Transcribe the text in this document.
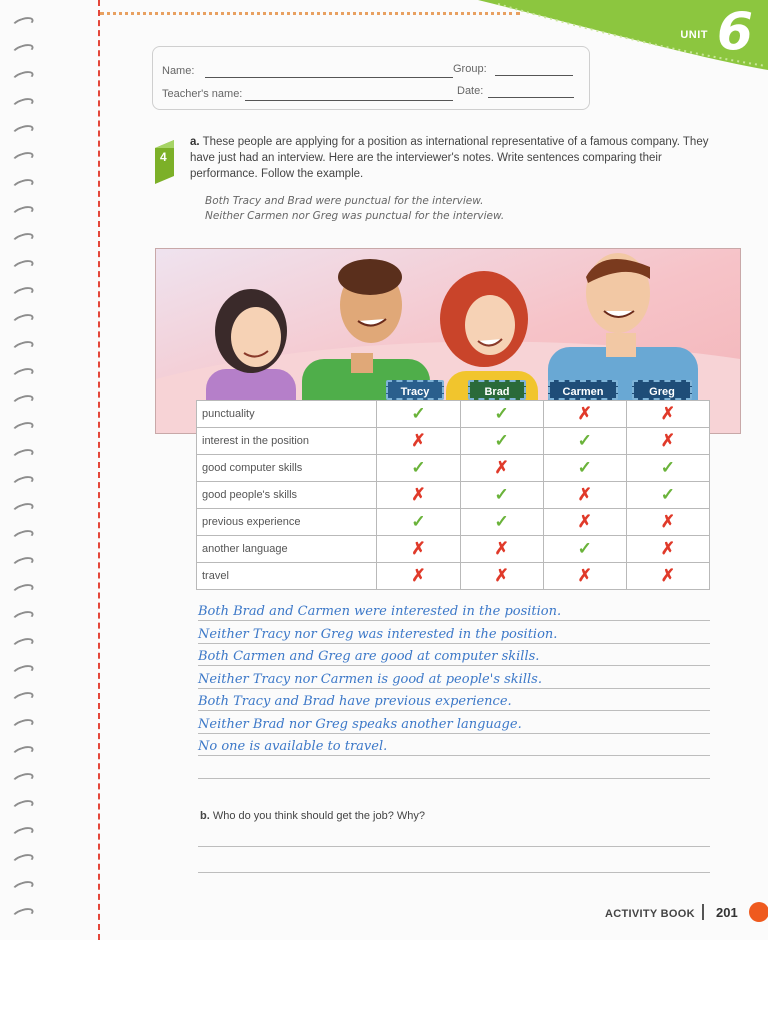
UNIT 6
Name:	Group:
Teacher's name:	Date:
4
a. These people are applying for a position as international representative of a famous company. They have just had an interview. Here are the interviewer's notes. Write sentences comparing their performance. Follow the example.
Both Tracy and Brad were punctual for the interview.
Neither Carmen nor Greg was punctual for the interview.
Tracy	Brad	Carmen	Greg
punctuality	✓	✓	✗	✗
interest in the position	✗	✓	✓	✗
good computer skills	✓	✗	✓	✓
good people's skills	✗	✓	✗	✓
previous experience	✓	✓	✗	✗
another language	✗	✗	✓	✗
travel	✗	✗	✗	✗
Both Brad and Carmen were interested in the position.
Neither Tracy nor Greg was interested in the position.
Both Carmen and Greg are good at computer skills.
Neither Tracy nor Carmen is good at people's skills.
Both Tracy and Brad have previous experience.
Neither Brad nor Greg speaks another language.
No one is available to travel.
b. Who do you think should get the job? Why?
ACTIVITY BOOK 201
